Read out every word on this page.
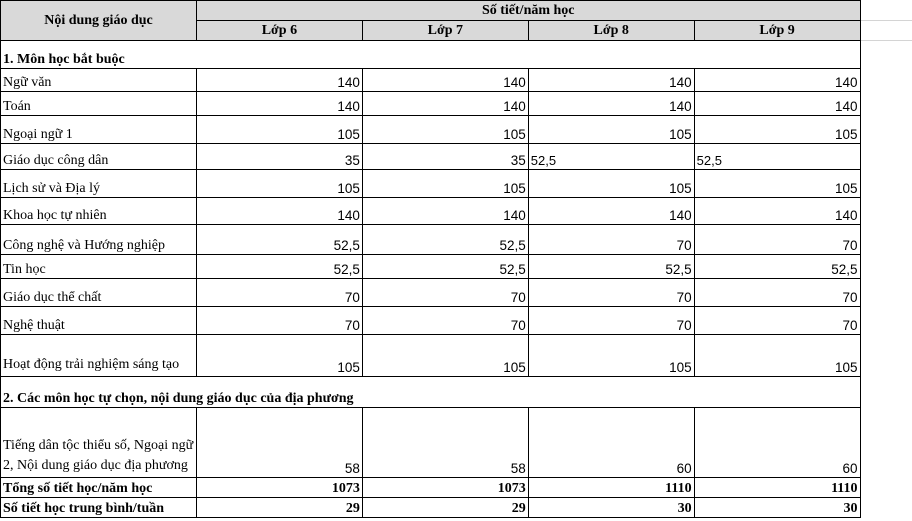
Nội dung giáo dục	Số tiết/năm học				
	Lớp 6	Lớp 7	Lớp 8	Lớp 9	
1. Môn học bắt buộc					
Ngữ văn	140	140	140	140	
Toán	140	140	140	140	
Ngoại ngữ 1	105	105	105	105	
Giáo dục công dân	35	35	52,5	52,5	
Lịch sử và Địa lý	105	105	105	105	
Khoa học tự nhiên	140	140	140	140	
Công nghệ và Hướng nghiệp	52,5	52,5	70	70	
Tin học	52,5	52,5	52,5	52,5	
Giáo dục thể chất	70	70	70	70	
Nghệ thuật	70	70	70	70	
Hoạt động trải nghiệm sáng tạo	105	105	105	105	
2. Các môn học tự chọn, nội dung giáo dục của địa phương					
Tiếng dân tộc thiểu số, Ngoại ngữ 2, Nội dung giáo dục địa phương	58	58	60	60	
Tổng số tiết học/năm học	1073	1073	1110	1110	
Số tiết học trung bình/tuần	29	29	30	30	
